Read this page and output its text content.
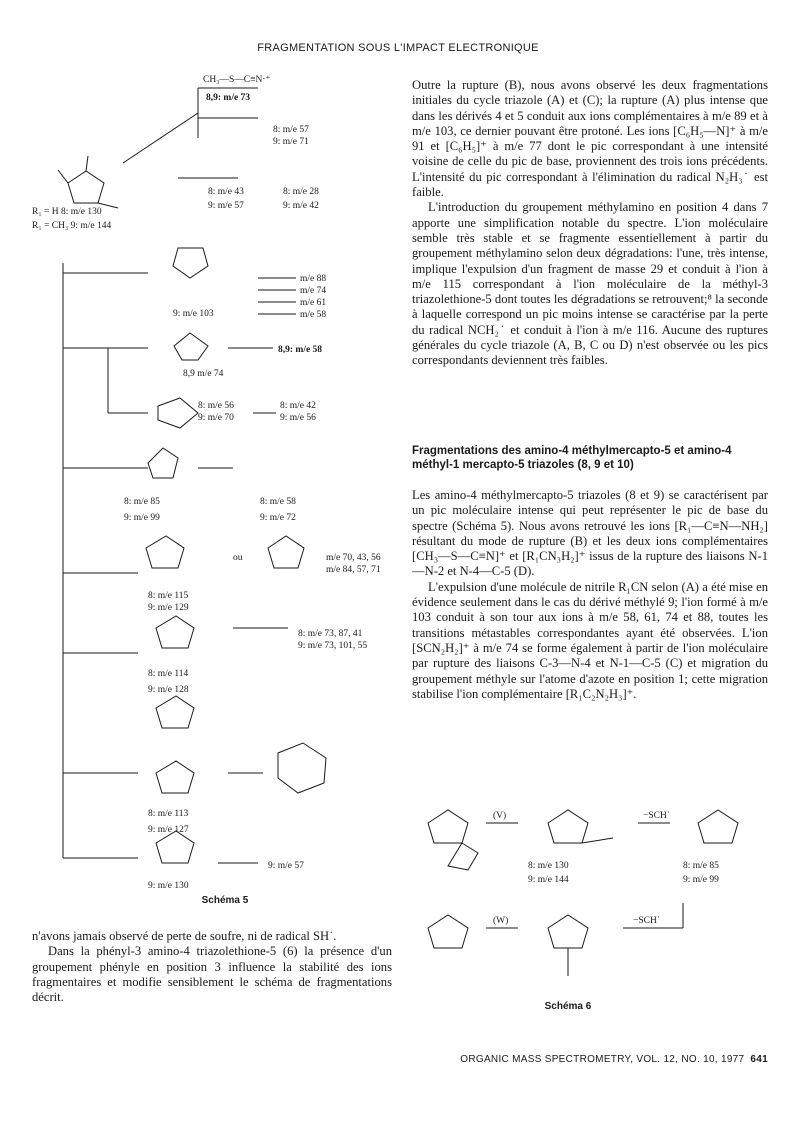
FRAGMENTATION SOUS L'IMPACT ELECTRONIQUE
CH₃—S—C≡N‧⁺
8,9: m/e 73
8: m/e 57
9: m/e 71
8: m/e 43	8: m/e 28
9: m/e 57	9: m/e 42
R₁ = H 8: m/e 130
R₁ = CH₃ 9: m/e 144
9: m/e 103
m/e 88
m/e 74
m/e 61
m/e 58
8,9: m/e 58
8,9 m/e 74
8: m/e 56
9: m/e 70
8: m/e 42
9: m/e 56
8: m/e 85
9: m/e 99
8: m/e 58
9: m/e 72
ou	m/e 70, 43, 56
m/e 84, 57, 71
8: m/e 115
9: m/e 129
8: m/e 73, 87, 41
9: m/e 73, 101, 55
8: m/e 114
9: m/e 128
8: m/e 113
9: m/e 127
9: m/e 57
9: m/e 130
Schéma 5

n'avons jamais observé de perte de soufre, ni de radical SH˙.

Dans la phényl-3 amino-4 triazolethione-5 (6) la présence d'un groupement phényle en position 3 influence la stabilité des ions fragmentaires et modifie sensiblement le schéma de fragmentations décrit.

Outre la rupture (B), nous avons observé les deux fragmentations initiales du cycle triazole (A) et (C); la rupture (A) plus intense que dans les dérivés 4 et 5 conduit aux ions complémentaires à m/e 89 et à m/e 103, ce dernier pouvant être protoné. Les ions [C₆H₅—N]⁺ à m/e 91 et [C₆H₅]⁺ à m/e 77 dont le pic correspondant à une intensité voisine de celle du pic de base, proviennent des trois ions précédents. L'intensité du pic correspondant à l'élimination du radical N₂H₃˙ est faible.

L'introduction du groupement méthylamino en position 4 dans 7 apporte une simplification notable du spectre. L'ion moléculaire semble très stable et se fragmente essentiellement à partir du groupement méthylamino selon deux dégradations: l'une, très intense, implique l'expulsion d'un fragment de masse 29 et conduit à l'ion à m/e 115 correspondant à l'ion moléculaire de la méthyl-3 triazolethione-5 dont toutes les dégradations se retrouvent;⁸ la seconde à laquelle correspond un pic moins intense se caractérise par la perte du radical NCH₂˙ et conduit à l'ion à m/e 116. Aucune des ruptures générales du cycle triazole (A, B, C ou D) n'est observée ou les pics correspondants deviennent très faibles.

Fragmentations des amino-4 méthylmercapto-5 et amino-4 méthyl-1 mercapto-5 triazoles (8, 9 et 10)

Les amino-4 méthylmercapto-5 triazoles (8 et 9) se caractérisent par un pic moléculaire intense qui peut représenter le pic de base du spectre (Schéma 5). Nous avons retrouvé les ions [R₁—C≡N—NH₂] résultant du mode de rupture (B) et les deux ions complémentaires [CH₃—S—C≡N]⁺ et [R₁CN₃H₂]⁺ issus de la rupture des liaisons N-1—N-2 et N-4—C-5 (D).

L'expulsion d'une molécule de nitrile R₁CN selon (A) a été mise en évidence seulement dans le cas du dérivé méthylé 9; l'ion formé à m/e 103 conduit à son tour aux ions à m/e 58, 61, 74 et 88, toutes les transitions métastables correspondantes ayant été observées. L'ion [SCN₂H₂]⁺ à m/e 74 se forme également à partir de l'ion moléculaire par rupture des liaisons C-3—N-4 et N-1—C-5 (C) et migration du groupement méthyle sur l'atome d'azote en position 1; cette migration stabilise l'ion complémentaire [R₁C₂N₂H₃]⁺.

(V)	−SCH˙
8: m/e 130
9: m/e 144
8: m/e 85
9: m/e 99
(W)	−SCH˙
Schéma 6
ORGANIC MASS SPECTROMETRY, VOL. 12, NO. 10, 1977 641
